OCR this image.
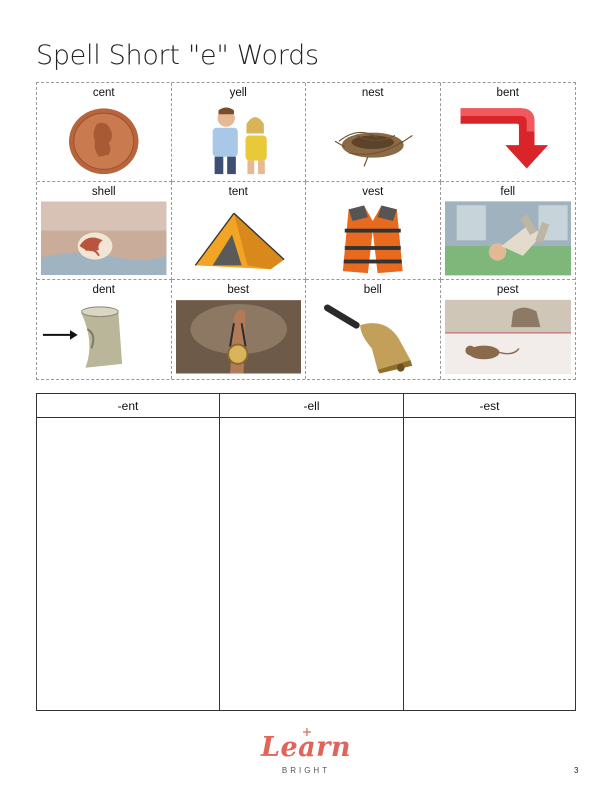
Spell Short "e" Words
cent	yell	nest	bent
shell	tent	vest	fell
dent	best	bell	pest
-ent	-ell	-est
Learn
BRIGHT	3
